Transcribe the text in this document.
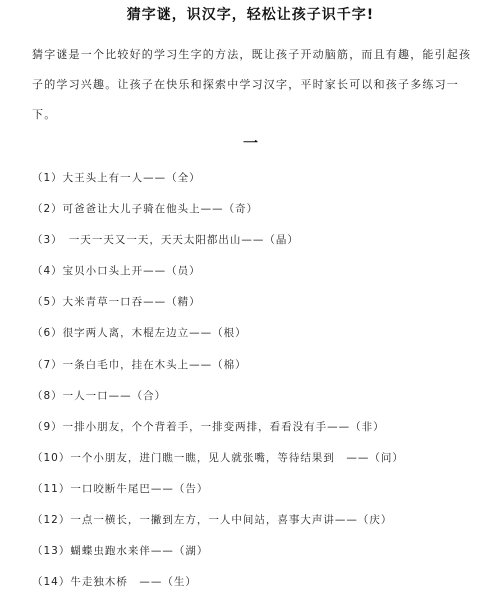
猜字谜，识汉字，轻松让孩子识千字!
猜字谜是一个比较好的学习生字的方法，既让孩子开动脑筋，而且有趣，能引起孩子的学习兴趣。让孩子在快乐和探索中学习汉字，平时家长可以和孩子多练习一下。
一
（1）大王头上有一人——（全）
（2）可爸爸让大儿子骑在他头上——（奇）
（3）　一天一天又一天，天天太阳都出山——（晶）
（4）宝贝小口头上开——（员）
（5）大米青草一口吞——（精）
（6）很字两人离，木棍左边立——（根）
（7）一条白毛巾，挂在木头上——（棉）
（8）一人一口——（合）
（9）一排小朋友，个个背着手，一排变两排，看看没有手——（非）
（10）一个小朋友，进门瞧一瞧，见人就张嘴，等待结果到　——（问）
（11）一口咬断牛尾巴——（告）
（12）一点一横长，一撇到左方，一人中间站，喜事大声讲——（庆）
（13）蝴蝶虫跑水来伴——（湖）
（14）牛走独木桥　——（生）
